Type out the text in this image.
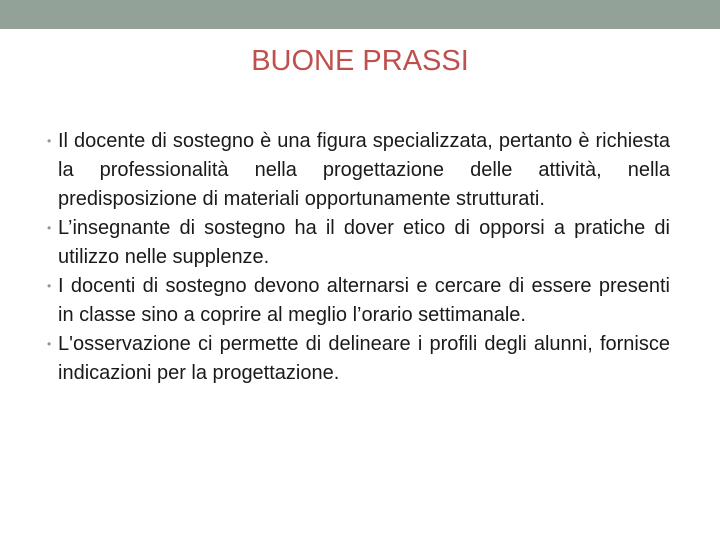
BUONE PRASSI
• Il docente di sostegno è una figura specializzata, pertanto è richiesta la professionalità nella progettazione delle attività, nella predisposizione di materiali opportunamente strutturati.
• L’insegnante di sostegno ha il dover etico di opporsi a pratiche di utilizzo nelle supplenze.
• I docenti di sostegno devono alternarsi e cercare di essere presenti in classe sino a coprire al meglio l’orario settimanale.
• L'osservazione ci permette di delineare i profili degli alunni, fornisce indicazioni per la progettazione.
